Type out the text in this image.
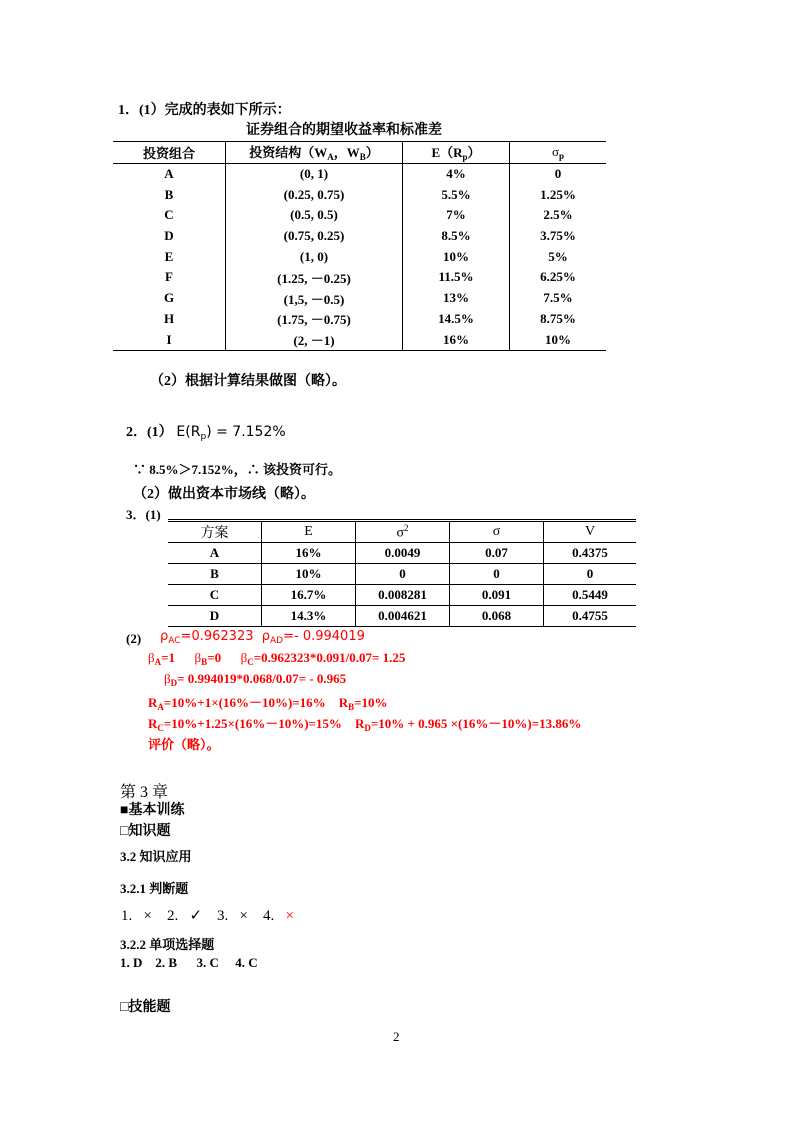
1．(1）完成的表如下所示：
证券组合的期望收益率和标准差
投资组合	投资结构（$W_A$，$W_B$）	$E(R_p)$	$\sigma_p$
A	(0, 1)	4%	0
B	(0.25, 0.75)	5.5%	1.25%
C	(0.5, 0.5)	7%	2.5%
D	(0.75, 0.25)	8.5%	3.75%
E	(1, 0)	10%	5%
F	(1.25, －0.25)	11.5%	6.25%
G	(1,5, －0.5)	13%	7.5%
H	(1.75, －0.75)	14.5%	8.75%
I	(2, －1)	16%	10%
（2）根据计算结果做图（略）。
2．(1） $E(R_p) = 7.152\%$
∵ 8.5%＞7.152%，∴ 该投资可行。
（2）做出资本市场线（略）。
3．(1)
方案	E	$\sigma^2$	σ	V
A	16%	0.0049	0.07	0.4375
B	10%	0	0	0
C	16.7%	0.008281	0.091	0.5449
D	14.3%	0.004621	0.068	0.4755
(2) $\rho_{AC}=0.962323$ $\rho_{AD}=-$ 0.994019
$\beta_A=1$ $\beta_B=0$ $\beta_C=0.962323*0.091/0.07= 1.25$
$\beta_D= 0.994019*0.068/0.07= - 0.965$
$R_A=10\%+1\times(16\%-10\%)=16\%$ $R_B=10\%$
$R_C=10\%+1.25\times(16\%-10\%)=15\%$ $R_D=10\% + 0.965 \times(16\%-10\%)=13.86\%$
评价（略）。
第 3 章
■基本训练
□知识题
3.2 知识应用
3.2.1 判断题
1. × 2. ✓ 3. × 4. ×
3.2.2 单项选择题
1. D    2. B      3. C     4. C
□技能题
2
